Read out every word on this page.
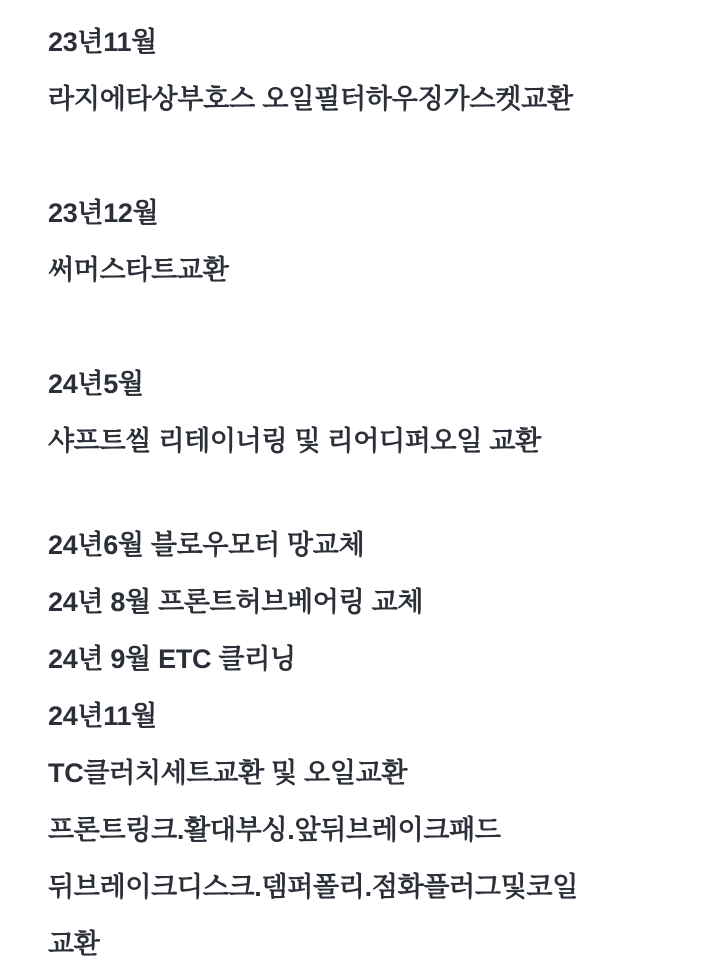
23년11월
라지에타상부호스 오일필터하우징가스켓교환
23년12월
써머스타트교환
24년5월
샤프트씰 리테이너링 및 리어디퍼오일 교환
24년6월 블로우모터 망교체
24년 8월 프론트허브베어링 교체
24년 9월 ETC 클리닝
24년11월
TC클러치세트교환 및 오일교환
프론트링크.활대부싱.앞뒤브레이크패드
뒤브레이크디스크.뎀퍼폴리.점화플러그및코일
교환
